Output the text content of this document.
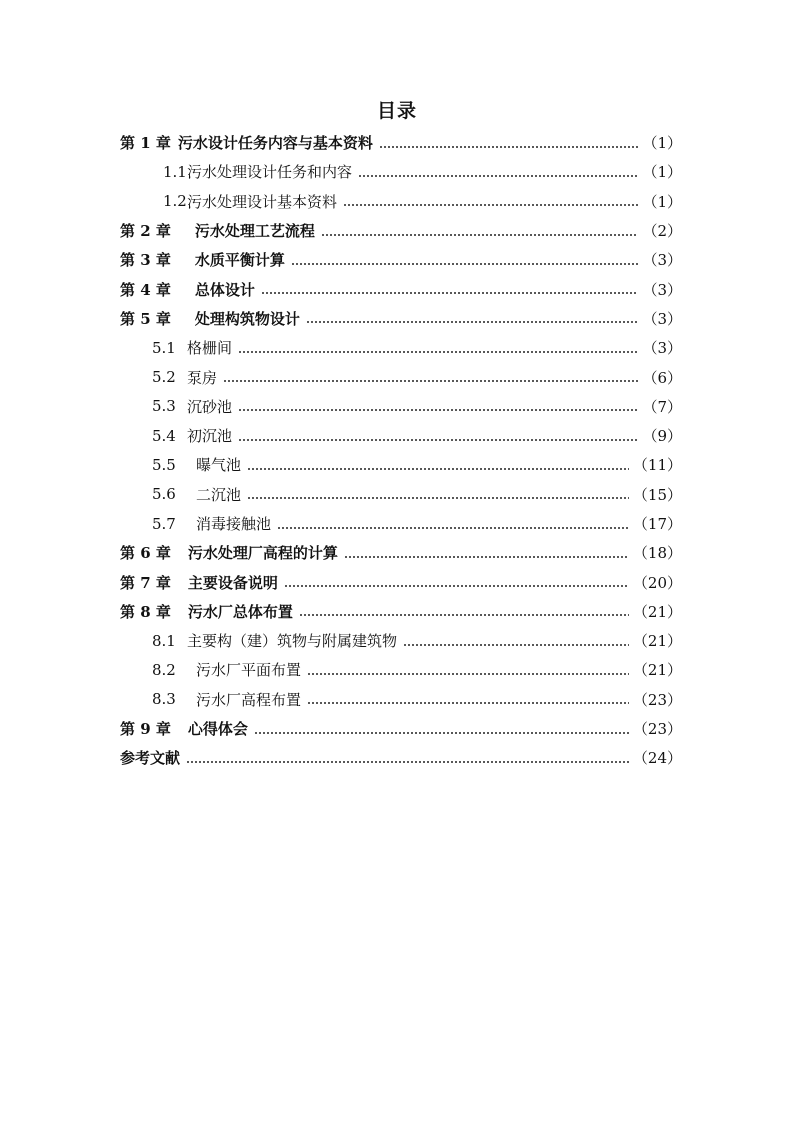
目录
第 1 章 污水设计任务内容与基本资料	（1）
1.1 污水处理设计任务和内容	（1）
1.2 污水处理设计基本资料	（1）
第 2 章 污水处理工艺流程	（2）
第 3 章 水质平衡计算	（3）
第 4 章 总体设计	（3）
第 5 章 处理构筑物设计	（3）
5.1 格栅间	（3）
5.2 泵房	（6）
5.3 沉砂池	（7）
5.4 初沉池	（9）
5.5	曝气池	（11）
5.6	二沉池	（15）
5.7	消毒接触池	（17）
第 6 章 污水处理厂高程的计算	（18）
第 7 章 主要设备说明	（20）
第 8 章 污水厂总体布置	（21）
8.1 主要构（建）筑物与附属建筑物	（21）
8.2	污水厂平面布置	（21）
8.3	污水厂高程布置	（23）
第 9 章 心得体会	（23）
参考文献	（24）
